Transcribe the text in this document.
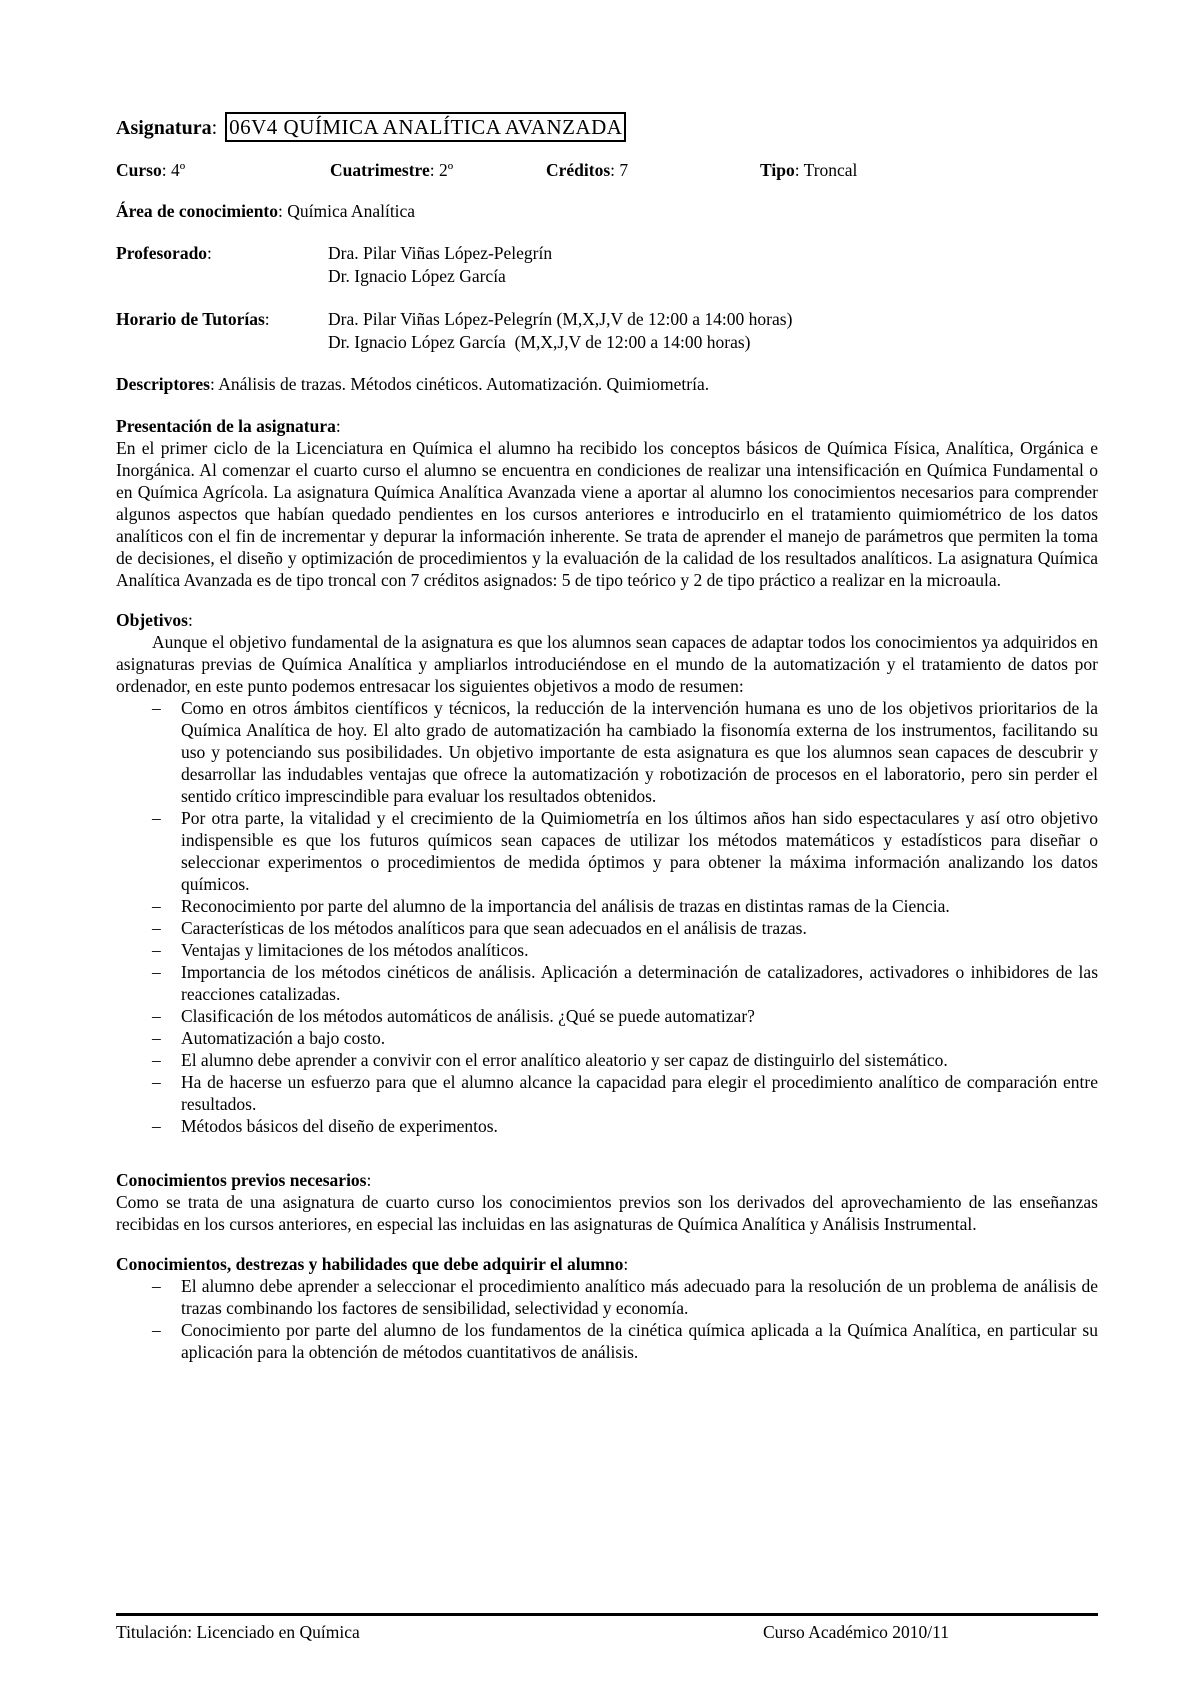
Asignatura : 06V4 QUÍMICA ANALÍTICA AVANZADA
Curso: 4º	Cuatrimestre: 2º	Créditos: 7	Tipo: Troncal
Área de conocimiento: Química Analítica
Profesorado:	Dra. Pilar Viñas López-Pelegrín
Dr. Ignacio López García
Horario de Tutorías:	Dra. Pilar Viñas López-Pelegrín (M,X,J,V de 12:00 a 14:00 horas)
Dr. Ignacio López García  (M,X,J,V de 12:00 a 14:00 horas)
Descriptores: Análisis de trazas. Métodos cinéticos. Automatización. Quimiometría.
Presentación de la asignatura:

En el primer ciclo de la Licenciatura en Química el alumno ha recibido los conceptos básicos de Química Física, Analítica, Orgánica e Inorgánica. Al comenzar el cuarto curso el alumno se encuentra en condiciones de realizar una intensificación en Química Fundamental o en Química Agrícola. La asignatura Química Analítica Avanzada viene a aportar al alumno los conocimientos necesarios para comprender algunos aspectos que habían quedado pendientes en los cursos anteriores e introducirlo en el tratamiento quimiométrico de los datos analíticos con el fin de incrementar y depurar la información inherente. Se trata de aprender el manejo de parámetros que permiten la toma de decisiones, el diseño y optimización de procedimientos y la evaluación de la calidad de los resultados analíticos. La asignatura Química Analítica Avanzada es de tipo troncal con 7 créditos asignados: 5 de tipo teórico y 2 de tipo práctico a realizar en la microaula.

Objetivos:

Aunque el objetivo fundamental de la asignatura es que los alumnos sean capaces de adaptar todos los conocimientos ya adquiridos en asignaturas previas de Química Analítica y ampliarlos introduciéndose en el mundo de la automatización y el tratamiento de datos por ordenador, en este punto podemos entresacar los siguientes objetivos a modo de resumen:

– Como en otros ámbitos científicos y técnicos, la reducción de la intervención humana es uno de los objetivos prioritarios de la Química Analítica de hoy. El alto grado de automatización ha cambiado la fisonomía externa de los instrumentos, facilitando su uso y potenciando sus posibilidades. Un objetivo importante de esta asignatura es que los alumnos sean capaces de descubrir y desarrollar las indudables ventajas que ofrece la automatización y robotización de procesos en el laboratorio, pero sin perder el sentido crítico imprescindible para evaluar los resultados obtenidos.
– Por otra parte, la vitalidad y el crecimiento de la Quimiometría en los últimos años han sido espectaculares y así otro objetivo indispensible es que los futuros químicos sean capaces de utilizar los métodos matemáticos y estadísticos para diseñar o seleccionar experimentos o procedimientos de medida óptimos y para obtener la máxima información analizando los datos químicos.
– Reconocimiento por parte del alumno de la importancia del análisis de trazas en distintas ramas de la Ciencia.
– Características de los métodos analíticos para que sean adecuados en el análisis de trazas.
– Ventajas y limitaciones de los métodos analíticos.
– Importancia de los métodos cinéticos de análisis. Aplicación a determinación de catalizadores, activadores o inhibidores de las reacciones catalizadas.
– Clasificación de los métodos automáticos de análisis. ¿Qué se puede automatizar?
– Automatización a bajo costo.
– El alumno debe aprender a convivir con el error analítico aleatorio y ser capaz de distinguirlo del sistemático.
– Ha de hacerse un esfuerzo para que el alumno alcance la capacidad para elegir el procedimiento analítico de comparación entre resultados.
– Métodos básicos del diseño de experimentos.
Conocimientos previos necesarios:

Como se trata de una asignatura de cuarto curso los conocimientos previos son los derivados del aprovechamiento de las enseñanzas recibidas en los cursos anteriores, en especial las incluidas en las asignaturas de Química Analítica y Análisis Instrumental.

Conocimientos, destrezas y habilidades que debe adquirir el alumno:
– El alumno debe aprender a seleccionar el procedimiento analítico más adecuado para la resolución de un problema de análisis de trazas combinando los factores de sensibilidad, selectividad y economía.
– Conocimiento por parte del alumno de los fundamentos de la cinética química aplicada a la Química Analítica, en particular su aplicación para la obtención de métodos cuantitativos de análisis.
Titulación: Licenciado en Química	Curso Académico 2010/11
